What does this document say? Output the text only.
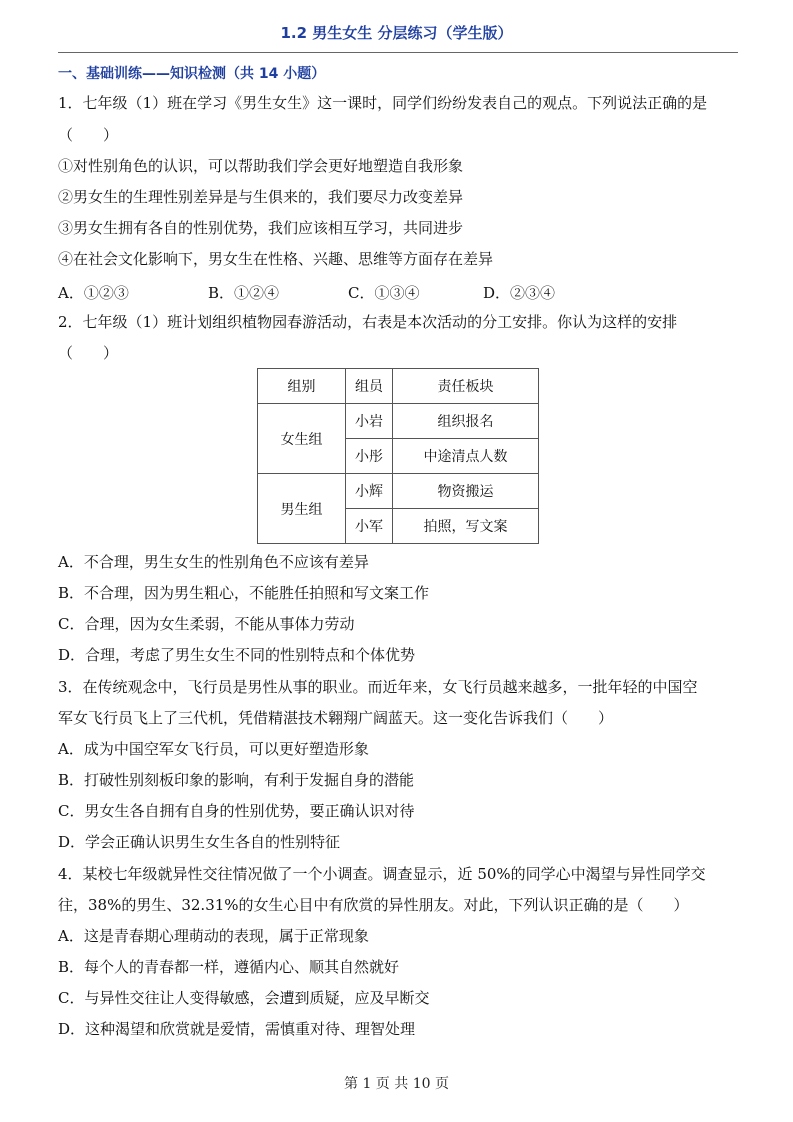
1.2 男生女生 分层练习（学生版）
一、基础训练——知识检测（共 14 小题）
1．七年级（1）班在学习《男生女生》这一课时，同学们纷纷发表自己的观点。下列说法正确的是
（　　）
①对性别角色的认识，可以帮助我们学会更好地塑造自我形象
②男女生的生理性别差异是与生俱来的，我们要尽力改变差异
③男女生拥有各自的性别优势，我们应该相互学习，共同进步
④在社会文化影响下，男女生在性格、兴趣、思维等方面存在差异
A．①②③	B．①②④	C．①③④	D．②③④
2．七年级（1）班计划组织植物园春游活动，右表是本次活动的分工安排。你认为这样的安排
（　　）
组别	组员	责任板块
女生组	小岩	组织报名
	小彤	中途清点人数
男生组	小辉	物资搬运
	小军	拍照，写文案
A．不合理，男生女生的性别角色不应该有差异
B．不合理，因为男生粗心，不能胜任拍照和写文案工作
C．合理，因为女生柔弱，不能从事体力劳动
D．合理，考虑了男生女生不同的性别特点和个体优势
3．在传统观念中，飞行员是男性从事的职业。而近年来，女飞行员越来越多，一批年轻的中国空
军女飞行员飞上了三代机，凭借精湛技术翱翔广阔蓝天。这一变化告诉我们（　　）
A．成为中国空军女飞行员，可以更好塑造形象
B．打破性别刻板印象的影响，有利于发掘自身的潜能
C．男女生各自拥有自身的性别优势，要正确认识对待
D．学会正确认识男生女生各自的性别特征
4．某校七年级就异性交往情况做了一个小调查。调查显示，近 50%的同学心中渴望与异性同学交
往，38%的男生、32.31%的女生心目中有欣赏的异性朋友。对此，下列认识正确的是（　　）
A．这是青春期心理萌动的表现，属于正常现象
B．每个人的青春都一样，遵循内心、顺其自然就好
C．与异性交往让人变得敏感，会遭到质疑，应及早断交
D．这种渴望和欣赏就是爱情，需慎重对待、理智处理
第 1 页 共 10 页
